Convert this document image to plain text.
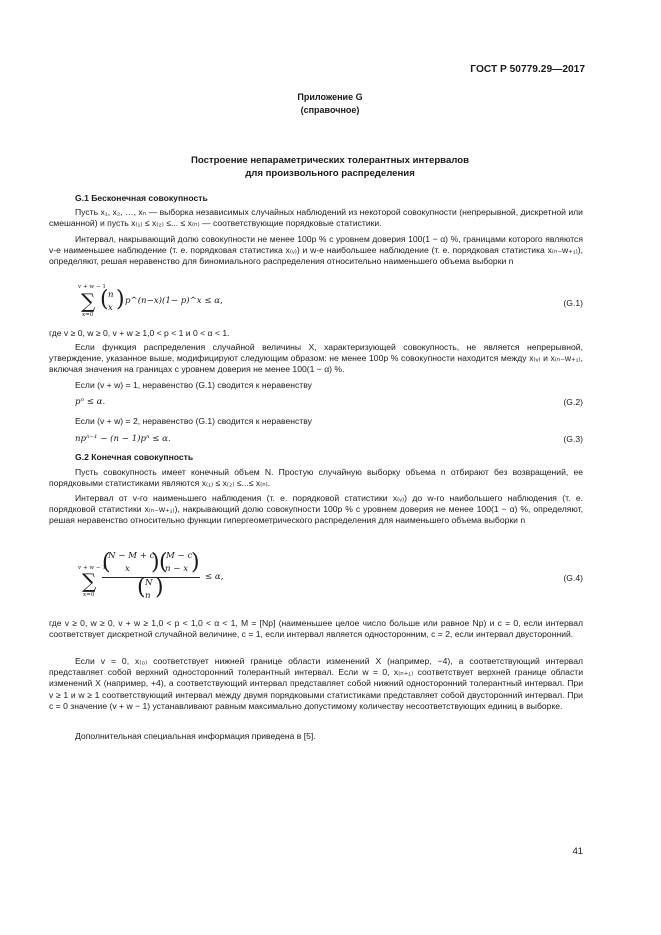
ГОСТ Р 50779.29—2017
Приложение G
(справочное)
Построение непараметрических толерантных интервалов
для произвольного распределения
G.1 Бесконечная совокупность
Пусть x₁, x₂, …, xₙ — выборка независимых случайных наблюдений из некоторой совокупности (непрерывной, дискретной или смешанной) и пусть x₍₁₎ ≤ x₍₂₎ ≤... ≤ x₍ₙ₎ — соответствующие порядковые статистики.
Интервал, накрывающий долю совокупности не менее 100p % с уровнем доверия 100(1 − α) %, границами которого являются v-е наименьшее наблюдение (т. е. порядковая статистика x₍ᵥ₎) и w-е наибольшее наблюдение (т. е. порядковая статистика x₍ₙ₋w₊₁₎), определяют, решая неравенство для биномиального распределения относительно наименьшего объема выборки n
v + w − 1
∑
x=0
( n
x ) p^(n−x)(1− p)^x ≤ α,	(G.1)
где v ≥ 0, w ≥ 0, v + w ≥ 1,0 < p < 1 и 0 < α < 1.
Если функция распределения случайной величины X, характеризующей совокупность, не является непрерывной, утверждение, указанное выше, модифицируют следующим образом: не менее 100p % совокупности находится между x₍ᵥ₎ и x₍ₙ₋w₊₁₎, включая значения на границах с уровнем доверия не менее 100(1 − α) %.
Если (v + w) = 1, неравенство (G.1) сводится к неравенству
pⁿ ≤ α.	(G.2)
Если (v + w) = 2, неравенство (G.1) сводится к неравенству
npⁿ⁻¹ − (n − 1)pⁿ ≤ α.	(G.3)
G.2 Конечная совокупность
Пусть совокупность имеет конечный объем N. Простую случайную выборку объема n отбирают без возвращений, ее порядковыми статистиками являются x₍₁₎ ≤ x₍₂₎ ≤...≤ x₍ₙ₎.
Интервал от v-го наименьшего наблюдения (т. е. порядковой статистики x₍ᵥ₎) до w-го наибольшего наблюдения (т. е. порядковой статистики x₍ₙ₋w₊₁₎), накрывающий долю совокупности 100p % с уровнем доверия не менее 100(1 − α) %, определяют, решая неравенство относительно функции гипергеометрического распределения для наименьшего объема выборки n
v + w − 1
∑
x=0
(
N − M + c
x ) (
M − c
n − x )
( N
n )	≤ α,	(G.4)
где v ≥ 0, w ≥ 0, v + w ≥ 1,0 < p < 1,0 < α < 1, M = [Np] (наименьшее целое число больше или равное Np) и c = 0, если интервал соответствует дискретной случайной величине, c = 1, если интервал является односторонним, c = 2, если интервал двусторонний.
Если v = 0, x₍₀₎ соответствует нижней границе области изменений X (например, −4), а соответствующий интервал представляет собой верхний односторонний толерантный интервал. Если w = 0, x₍ₙ₊₁₎ соответствует верхней границе области изменений X (например, +4), а соответствующий интервал представляет собой нижний односторонний толерантный интервал. При v ≥ 1 и w ≥ 1 соответствующий интервал между двумя порядковыми статистиками представляет собой двусторонний интервал. При c = 0 значение (v + w − 1) устанавливают равным максимально допустимому количеству несоответствующих единиц в выборке.
Дополнительная специальная информация приведена в [5].
41
